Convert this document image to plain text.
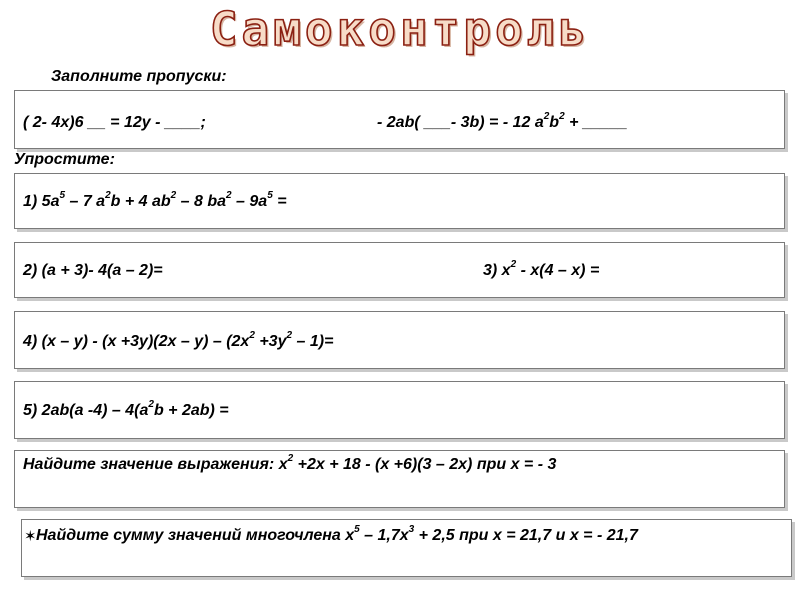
Самоконтроль
Заполните пропуски:
( 2- 4x)6 __ = 12y - ____;	- 2ab( ___- 3b) = - 12 $a^2b^2$ + _____
Упростите:
1) $5a^5 - 7$ $a^2b + 4$ $ab^2 - 8$ $ba^2 - 9a^5$ =
2) (a + 3)- 4(a – 2)=	3) $x^2 - x(4 - x)$ =
4) $(x - y) - (x +3y)(2x - y) - (2x^2 +3y^2 - 1)=$
5) 2ab(a $-4) - 4(a^2b + 2ab)$ =
Найдите значение выражения: $x^2 +2x + 18 - (x +6)(3 - 2x)$ при x = - 3
✶ Найдите сумму значений многочлена $x^5 - 1,7x^3 + 2,5$ при x = 21,7 и x = - 21,7
